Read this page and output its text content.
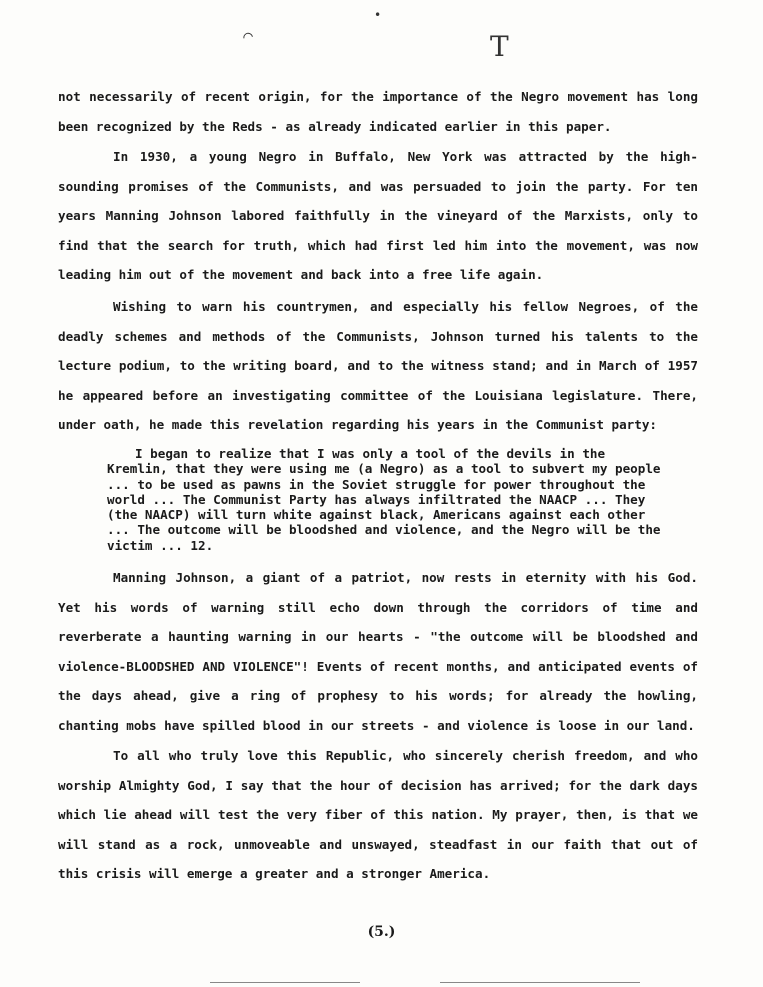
⌒
•
T

not necessarily of recent origin, for the importance of the Negro movement has long been recognized by the Reds - as already indicated earlier in this paper.

In 1930, a young Negro in Buffalo, New York was attracted by the high-sounding promises of the Communists, and was persuaded to join the party. For ten years Manning Johnson labored faithfully in the vineyard of the Marxists, only to find that the search for truth, which had first led him into the movement, was now leading him out of the movement and back into a free life again.

Wishing to warn his countrymen, and especially his fellow Negroes, of the deadly schemes and methods of the Communists, Johnson turned his talents to the lecture podium, to the writing board, and to the witness stand; and in March of 1957 he appeared before an investigating committee of the Louisiana legislature. There, under oath, he made this revelation regarding his years in the Communist party:

I began to realize that I was only a tool of the devils in the Kremlin, that they were using me (a Negro) as a tool to subvert my people ... to be used as pawns in the Soviet struggle for power throughout the world ... The Communist Party has always infiltrated the NAACP ... They (the NAACP) will turn white against black, Americans against each other ... The outcome will be bloodshed and violence, and the Negro will be the victim ... 12.

Manning Johnson, a giant of a patriot, now rests in eternity with his God. Yet his words of warning still echo down through the corridors of time and reverberate a haunting warning in our hearts - "the outcome will be bloodshed and violence-BLOODSHED AND VIOLENCE"! Events of recent months, and anticipated events of the days ahead, give a ring of prophesy to his words; for already the howling, chanting mobs have spilled blood in our streets - and violence is loose in our land.

To all who truly love this Republic, who sincerely cherish freedom, and who worship Almighty God, I say that the hour of decision has arrived; for the dark days which lie ahead will test the very fiber of this nation. My prayer, then, is that we will stand as a rock, unmoveable and unswayed, steadfast in our faith that out of this crisis will emerge a greater and a stronger America.

(5.)
